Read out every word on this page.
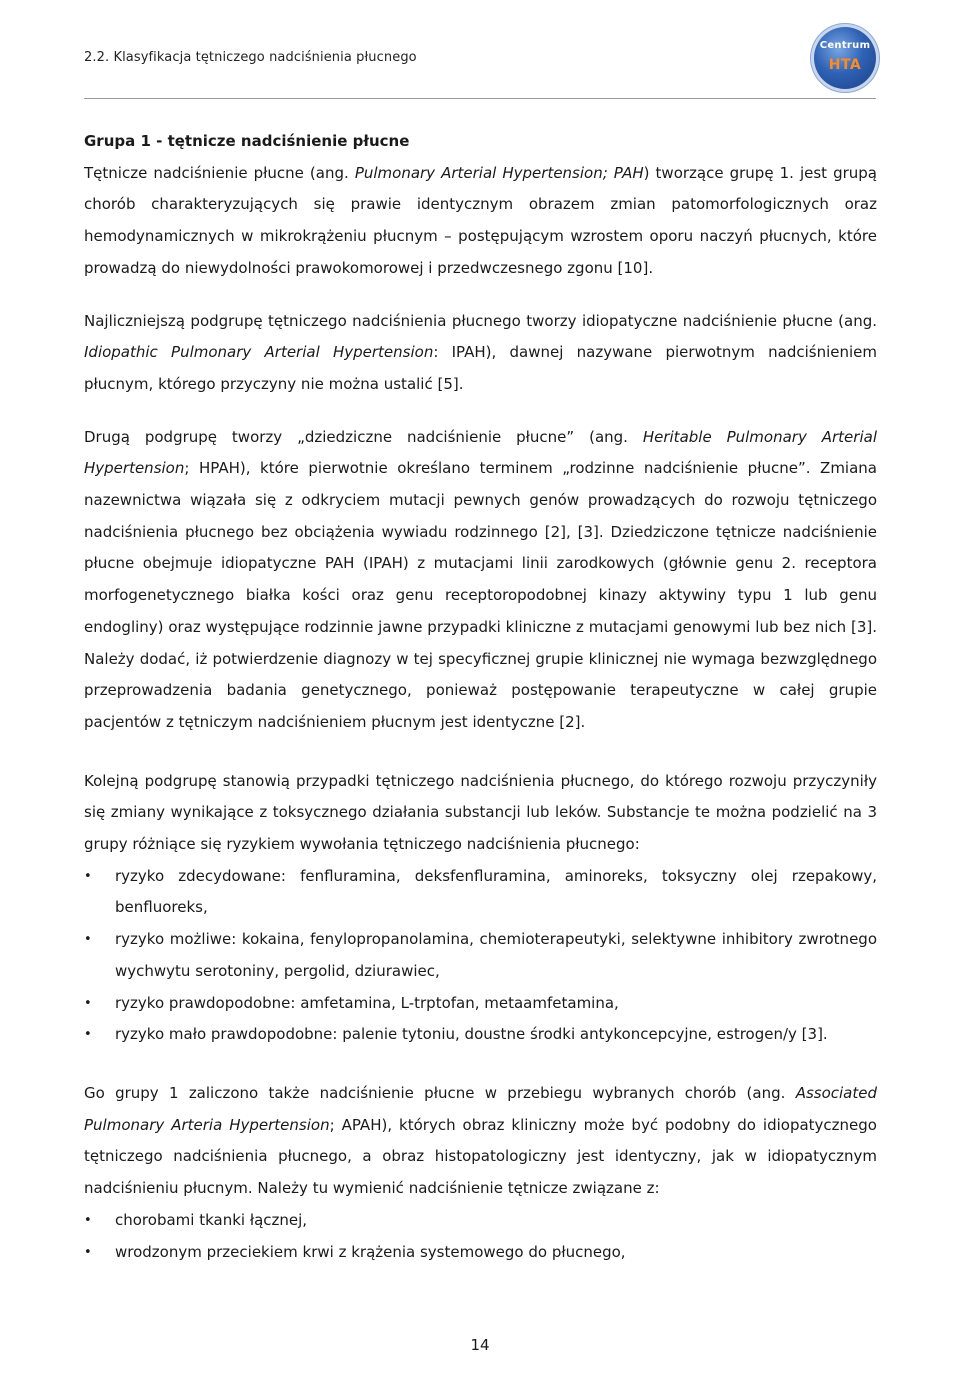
2.2. Klasyfikacja tętniczego nadciśnienia płucnego
Centrum
HTA
Grupa 1 - tętnicze nadciśnienie płucne

Tętnicze nadciśnienie płucne (ang. Pulmonary Arterial Hypertension; PAH) tworzące grupę 1. jest grupą chorób charakteryzujących się prawie identycznym obrazem zmian patomorfologicznych oraz hemodynamicznych w mikrokrążeniu płucnym – postępującym wzrostem oporu naczyń płucnych, które prowadzą do niewydolności prawokomorowej i przedwczesnego zgonu [10].

Najliczniejszą podgrupę tętniczego nadciśnienia płucnego tworzy idiopatyczne nadciśnienie płucne (ang. Idiopathic Pulmonary Arterial Hypertension: IPAH), dawnej nazywane pierwotnym nadciśnieniem płucnym, którego przyczyny nie można ustalić [5].

Drugą podgrupę tworzy „dziedziczne nadciśnienie płucne” (ang. Heritable Pulmonary Arterial Hypertension; HPAH), które pierwotnie określano terminem „rodzinne nadciśnienie płucne”. Zmiana nazewnictwa wiązała się z odkryciem mutacji pewnych genów prowadzących do rozwoju tętniczego nadciśnienia płucnego bez obciążenia wywiadu rodzinnego [2], [3]. Dziedziczone tętnicze nadciśnienie płucne obejmuje idiopatyczne PAH (IPAH) z mutacjami linii zarodkowych (głównie genu 2. receptora morfogenetycznego białka kości oraz genu receptoropodobnej kinazy aktywiny typu 1 lub genu endogliny) oraz występujące rodzinnie jawne przypadki kliniczne z mutacjami genowymi lub bez nich [3]. Należy dodać, iż potwierdzenie diagnozy w tej specyficznej grupie klinicznej nie wymaga bezwzględnego przeprowadzenia badania genetycznego, ponieważ postępowanie terapeutyczne w całej grupie pacjentów z tętniczym nadciśnieniem płucnym jest identyczne [2].

Kolejną podgrupę stanowią przypadki tętniczego nadciśnienia płucnego, do którego rozwoju przyczyniły się zmiany wynikające z toksycznego działania substancji lub leków. Substancje te można podzielić na 3 grupy różniące się ryzykiem wywołania tętniczego nadciśnienia płucnego:

• ryzyko zdecydowane: fenfluramina, deksfenfluramina, aminoreks, toksyczny olej rzepakowy, benfluoreks,
• ryzyko możliwe: kokaina, fenylopropanolamina, chemioterapeutyki, selektywne inhibitory zwrotnego wychwytu serotoniny, pergolid, dziurawiec,
• ryzyko prawdopodobne: amfetamina, L-trptofan, metaamfetamina,
• ryzyko mało prawdopodobne: palenie tytoniu, doustne środki antykoncepcyjne, estrogen/y [3].

Go grupy 1 zaliczono także nadciśnienie płucne w przebiegu wybranych chorób (ang. Associated Pulmonary Arteria Hypertension; APAH), których obraz kliniczny może być podobny do idiopatycznego tętniczego nadciśnienia płucnego, a obraz histopatologiczny jest identyczny, jak w idiopatycznym nadciśnieniu płucnym. Należy tu wymienić nadciśnienie tętnicze związane z:

• chorobami tkanki łącznej,
• wrodzonym przeciekiem krwi z krążenia systemowego do płucnego,
14
